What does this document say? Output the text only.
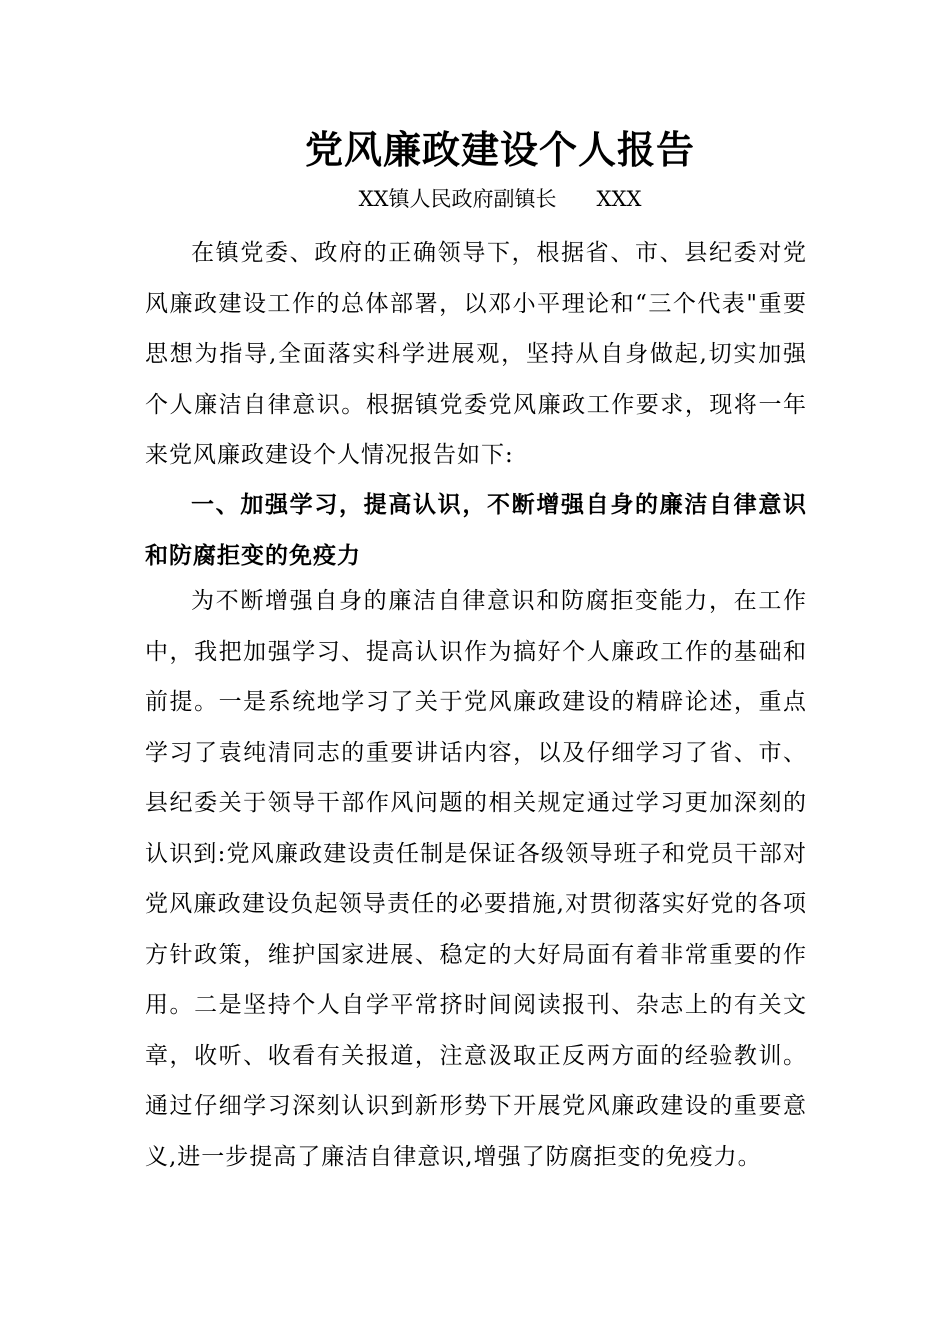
党风廉政建设个人报告
XX镇人民政府副镇长      XXX

在镇党委、政府的正确领导下，根据省、市、县纪委对党风廉政建设工作的总体部署，以邓小平理论和“三个代表"重要思想为指导,全面落实科学进展观，坚持从自身做起,切实加强个人廉洁自律意识。根据镇党委党风廉政工作要求，现将一年来党风廉政建设个人情况报告如下:

一、加强学习，提高认识，不断增强自身的廉洁自律意识和防腐拒变的免疫力

为不断增强自身的廉洁自律意识和防腐拒变能力，在工作中，我把加强学习、提高认识作为搞好个人廉政工作的基础和前提。一是系统地学习了关于党风廉政建设的精辟论述，重点学习了袁纯清同志的重要讲话内容，以及仔细学习了省、市、县纪委关于领导干部作风问题的相关规定通过学习更加深刻的认识到:党风廉政建设责任制是保证各级领导班子和党员干部对党风廉政建设负起领导责任的必要措施,对贯彻落实好党的各项方针政策，维护国家进展、稳定的大好局面有着非常重要的作用。二是坚持个人自学平常挤时间阅读报刊、杂志上的有关文章，收听、收看有关报道，注意汲取正反两方面的经验教训。通过仔细学习深刻认识到新形势下开展党风廉政建设的重要意义,进一步提高了廉洁自律意识,增强了防腐拒变的免疫力。
